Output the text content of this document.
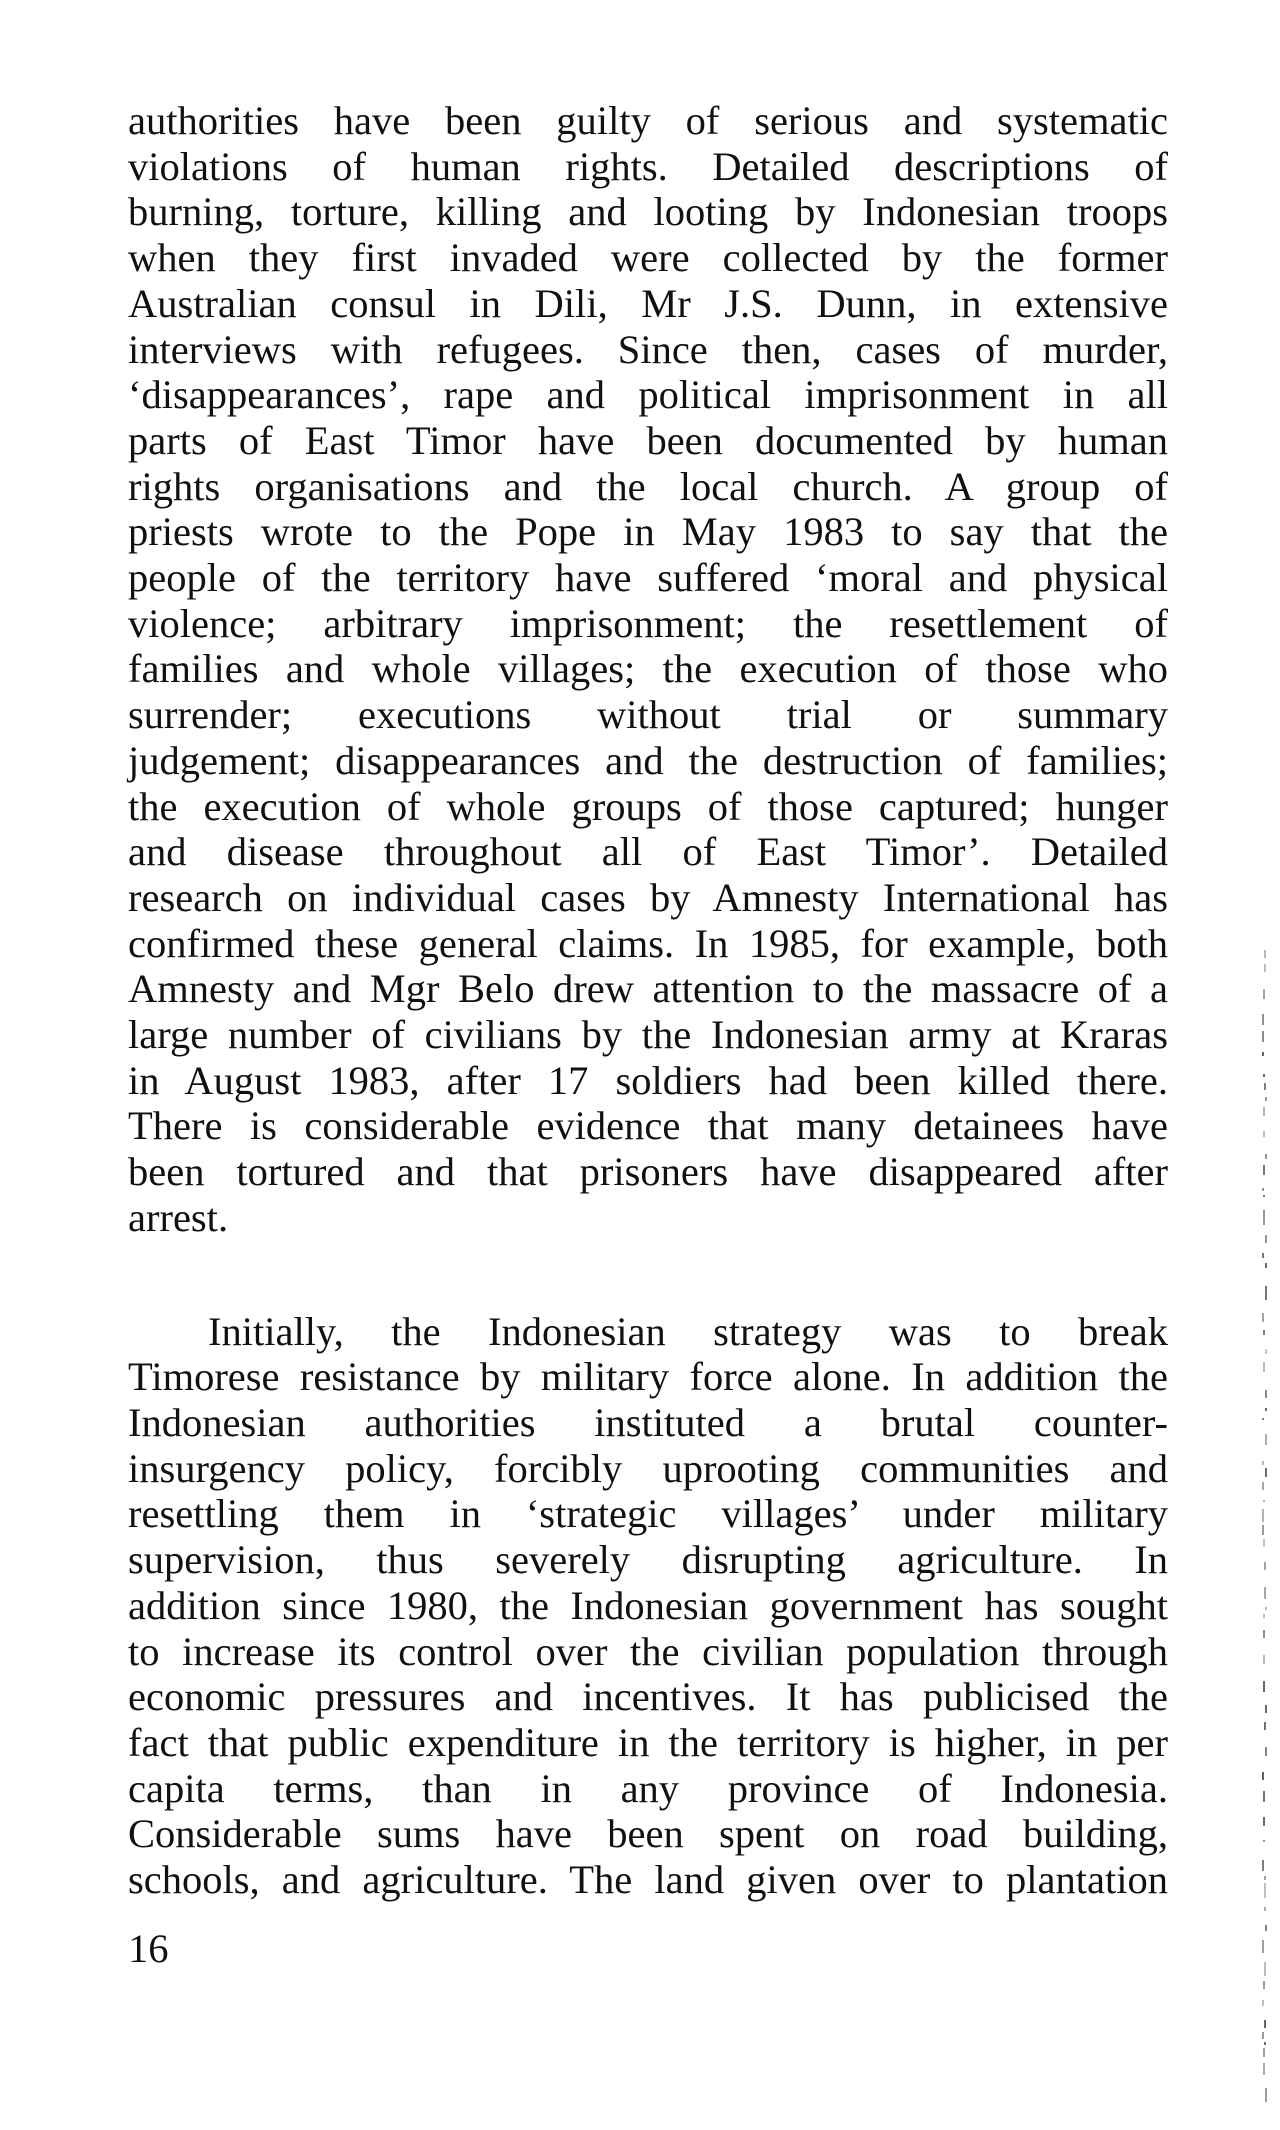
authorities have been guilty of serious and systematic
violations of human rights. Detailed descriptions of
burning, torture, killing and looting by Indonesian troops
when they first invaded were collected by the former
Australian consul in Dili, Mr J.S. Dunn, in extensive
interviews with refugees. Since then, cases of murder,
‘disappearances’, rape and political imprisonment in all
parts of East Timor have been documented by human
rights organisations and the local church. A group of
priests wrote to the Pope in May 1983 to say that the
people of the territory have suffered ‘moral and physical
violence; arbitrary imprisonment; the resettlement of
families and whole villages; the execution of those who
surrender; executions without trial or summary
judgement; disappearances and the destruction of families;
the execution of whole groups of those captured; hunger
and disease throughout all of East Timor’. Detailed
research on individual cases by Amnesty International has
confirmed these general claims. In 1985, for example, both
Amnesty and Mgr Belo drew attention to the massacre of a
large number of civilians by the Indonesian army at Kraras
in August 1983, after 17 soldiers had been killed there.
There is considerable evidence that many detainees have
been tortured and that prisoners have disappeared after
arrest.

Initially, the Indonesian strategy was to break
Timorese resistance by military force alone. In addition the
Indonesian authorities instituted a brutal counter-
insurgency policy, forcibly uprooting communities and
resettling them in ‘strategic villages’ under military
supervision, thus severely disrupting agriculture. In
addition since 1980, the Indonesian government has sought
to increase its control over the civilian population through
economic pressures and incentives. It has publicised the
fact that public expenditure in the territory is higher, in per
capita terms, than in any province of Indonesia.
Considerable sums have been spent on road building,
schools, and agriculture. The land given over to plantation

16
